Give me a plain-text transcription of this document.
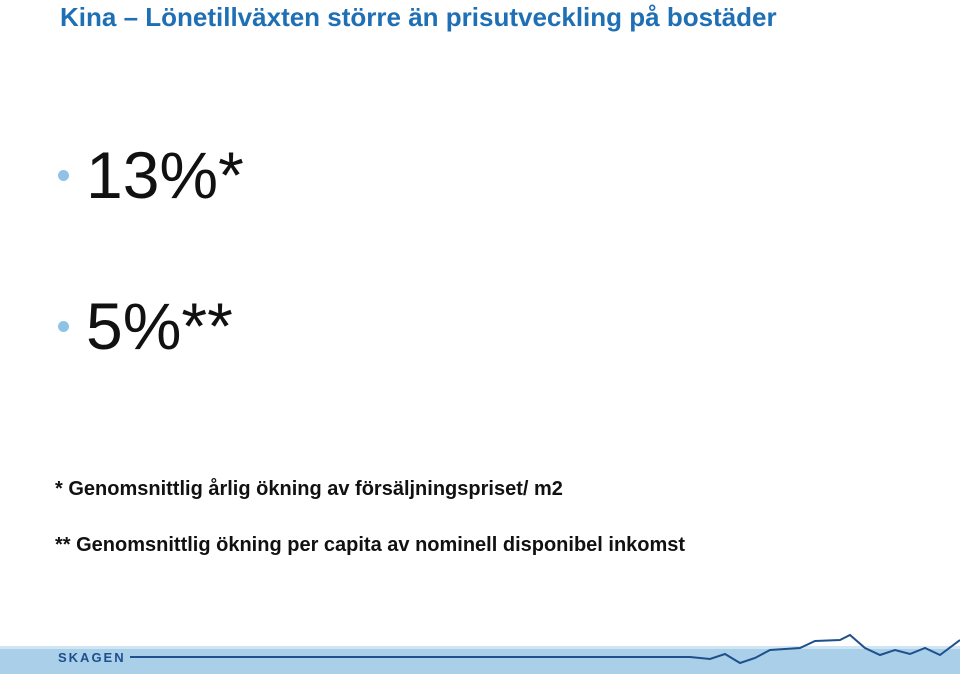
Kina – Lönetillväxten större än prisutveckling på bostäder
13%*
5%**
* Genomsnittlig årlig ökning av försäljningspriset/ m2
** Genomsnittlig ökning per capita av nominell disponibel inkomst
SKAGEN
